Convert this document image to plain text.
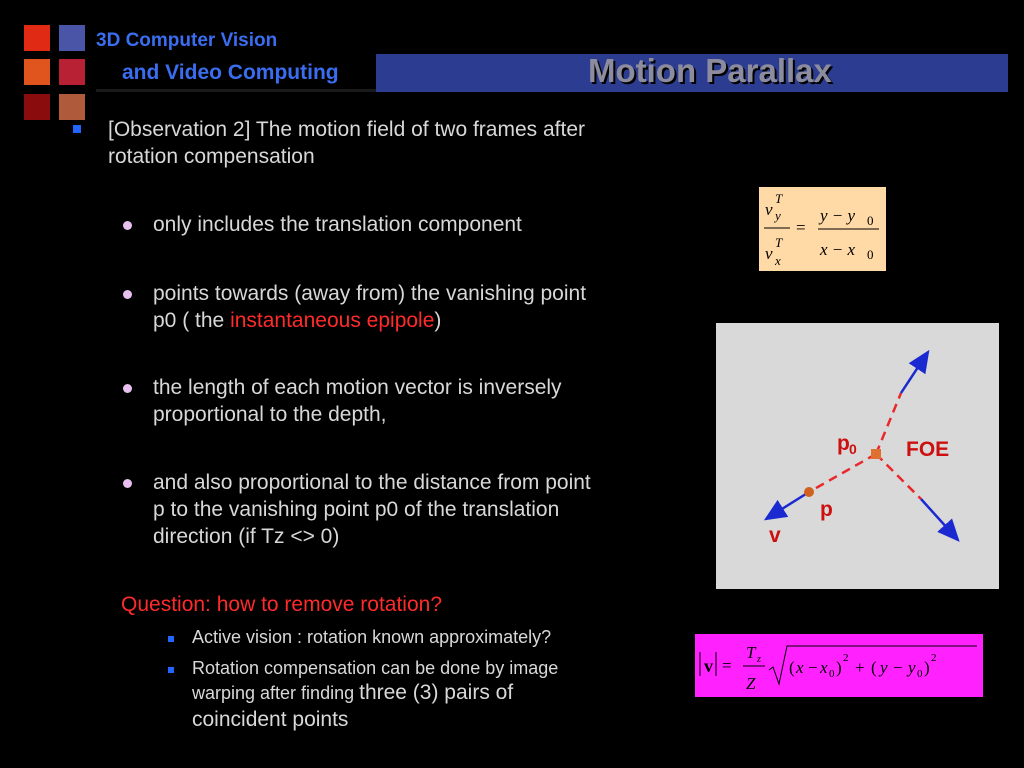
3D Computer Vision
and Video Computing	Motion Parallax
[Observation 2] The motion field of two frames after
rotation compensation
only includes the translation component
points towards (away from) the vanishing point
p0 ( the instantaneous epipole)
the length of each motion vector is inversely
proportional to the depth,
and also proportional to the distance from point
p to the vanishing point p0 of the translation
direction (if Tz <> 0)
Question: how to remove rotation?
Active vision : rotation known approximately?
Rotation compensation can be done by image
warping after finding three (3) pairs of
coincident points
v
T
y
v
T
x
=
y − y 0
x − x 0
p 0 FOE
p
v
v =
T z
Z
( x − x 0 ) 2 + ( y − y 0 ) 2
